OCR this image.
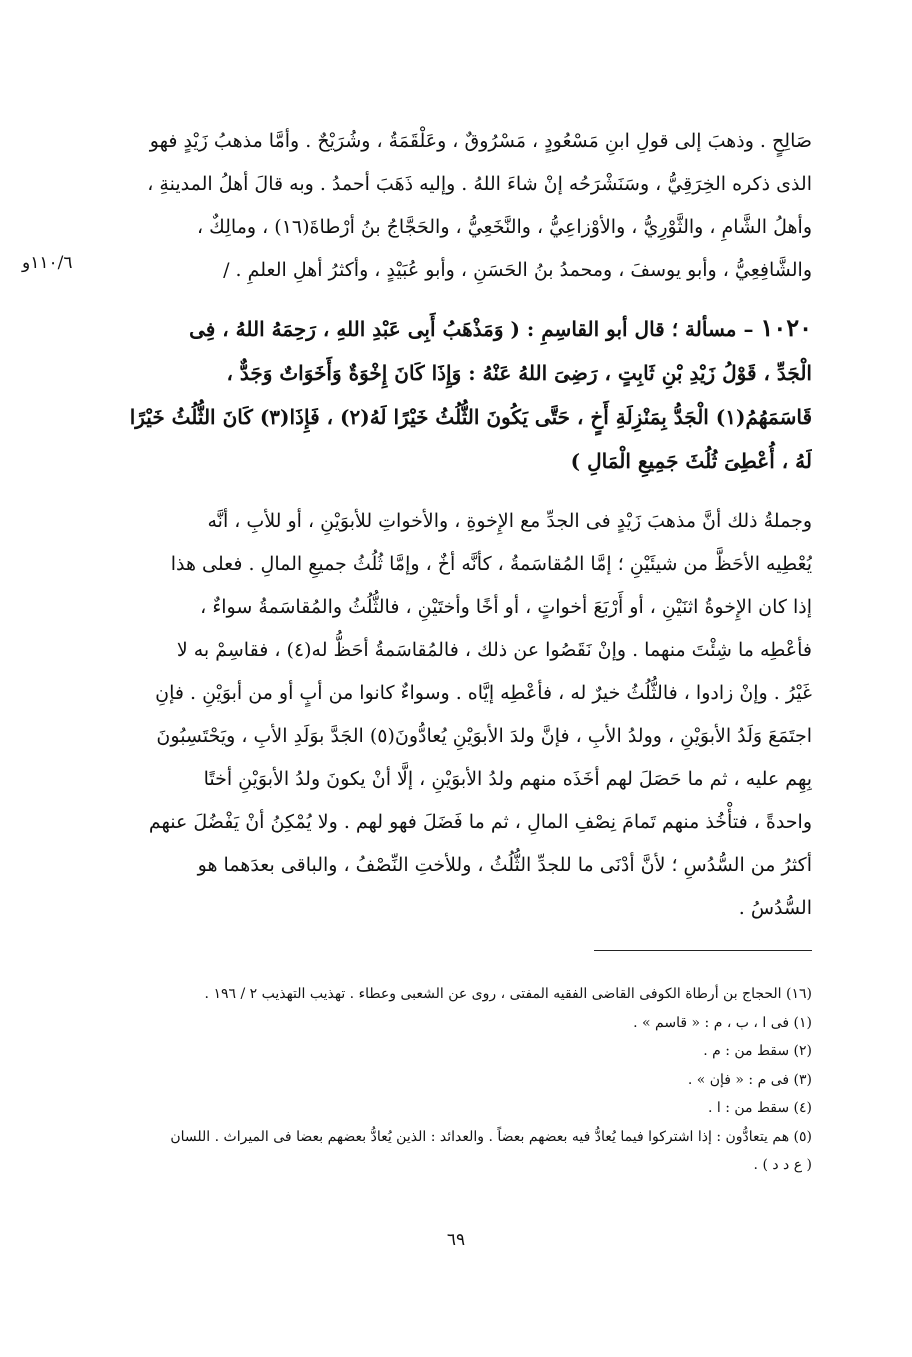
صَالِحٍ . وذهبَ إلى قولِ ابنِ مَسْعُودٍ ، مَسْرُوقٌ ، وعَلْقَمَةُ ، وشُرَيْحٌ . وأمَّا مذهبُ زَيْدٍ فهو
الذى ذكره الخِرَقِيُّ ، وسَنَشْرَحُه إنْ شاءَ اللهُ . وإليه ذَهَبَ أحمدُ . وبه قالَ أهلُ المدينةِ ،
وأهلُ الشَّامِ ، والثَّوْرِيُّ ، والأوْزاعِيُّ ، والنَّخَعِيُّ ، والحَجَّاجُ بنُ أرْطاةَ(١٦) ، ومالِكٌ ،
والشَّافِعِيُّ ، وأبو يوسفَ ، ومحمدُ بنُ الحَسَنِ ، وأبو عُبَيْدٍ ، وأكثرُ أهلِ العلمِ . /
١١٠/٦و
١٠٢٠ – مسألة ؛ قال أبو القاسِمِ : ( وَمَذْهَبُ أَبِى عَبْدِ اللهِ ، رَحِمَهُ اللهُ ، فِى
الْجَدِّ ، قَوْلُ زَيْدِ بْنِ ثَابِتٍ ، رَضِىَ اللهُ عَنْهُ : وَإِذَا كَانَ إِخْوَةٌ وَأَخَوَاتٌ وَجَدٌّ ،
قَاسَمَهُمُ(١) الْجَدُّ بِمَنْزِلَةِ أَخٍ ، حَتَّى يَكُونَ الثُّلُثُ خَيْرًا لَهُ(٢) ، فَإِذَا(٣) كَانَ الثُّلُثُ خَيْرًا
لَهُ ، أُعْطِىَ ثُلُثَ جَمِيعِ الْمَالِ )
وجملةُ ذلك أنَّ مذهبَ زَيْدٍ فى الجدِّ مع الإِخوةِ ، والأخواتِ للأبوَيْنِ ، أو للأبِ ، أنَّه
يُعْطِيه الأحَظَّ من شيئَيْنِ ؛ إمَّا المُقاسَمةُ ، كأنَّه أخٌ ، وإمَّا ثُلُثُ جميعِ المالِ . فعلى هذا
إذا كان الإِخوةُ اثنَيْنِ ، أو أَرْبَعَ أخواتٍ ، أو أخًا وأختَيْنِ ، فالثُّلُثُ والمُقاسَمةُ سواءٌ ،
فأعْطِه ما شِئْتَ منهما . وإنْ نَقَصُوا عن ذلك ، فالمُقاسَمةُ أحَظُّ له(٤) ، فقاسِمْ به لا
غَيْرُ . وإنْ زادوا ، فالثُّلُثُ خيرٌ له ، فأعْطِه إيَّاه . وسواءٌ كانوا من أبٍ أو من أبوَيْنِ . فإنِ
اجتَمَعَ وَلَدُ الأبوَيْنِ ، وولدُ الأبِ ، فإنَّ ولدَ الأبوَيْنِ يُعادُّونَ(٥) الجَدَّ بوَلَدِ الأبِ ، ويَحْتَسِبُونَ
بِهِم عليه ، ثم ما حَصَلَ لهم أخَذَه منهم ولدُ الأبوَيْنِ ، إلَّا أنْ يكونَ ولدُ الأبوَيْنِ أختًا
واحدةً ، فتأْخُذ منهم تَمامَ نِصْفِ المالِ ، ثم ما فَضَلَ فهو لهم . ولا يُمْكِنُ أنْ يَفْضُلَ عنهم
أكثرُ من السُّدُسِ ؛ لأنَّ أدْنَى ما للجدِّ الثُّلُثُ ، وللأختِ النِّصْفُ ، والباقى بعدَهما هو
السُّدُسُ .
(١٦) الحجاج بن أرطاة الكوفى القاضى الفقيه المفتى ، روى عن الشعبى وعطاء . تهذيب التهذيب ٢ / ١٩٦ .
(١) فى ا ، ب ، م : « قاسم » .
(٢) سقط من : م .
(٣) فى م : « فإن » .
(٤) سقط من : ا .
(٥) هم يتعادُّون : إذا اشتركوا فيما يُعادُّ فيه بعضهم بعضاً . والعدائد : الذين يُعادُّ بعضهم بعضا فى الميراث . اللسان
( ع د د ) .
٦٩
